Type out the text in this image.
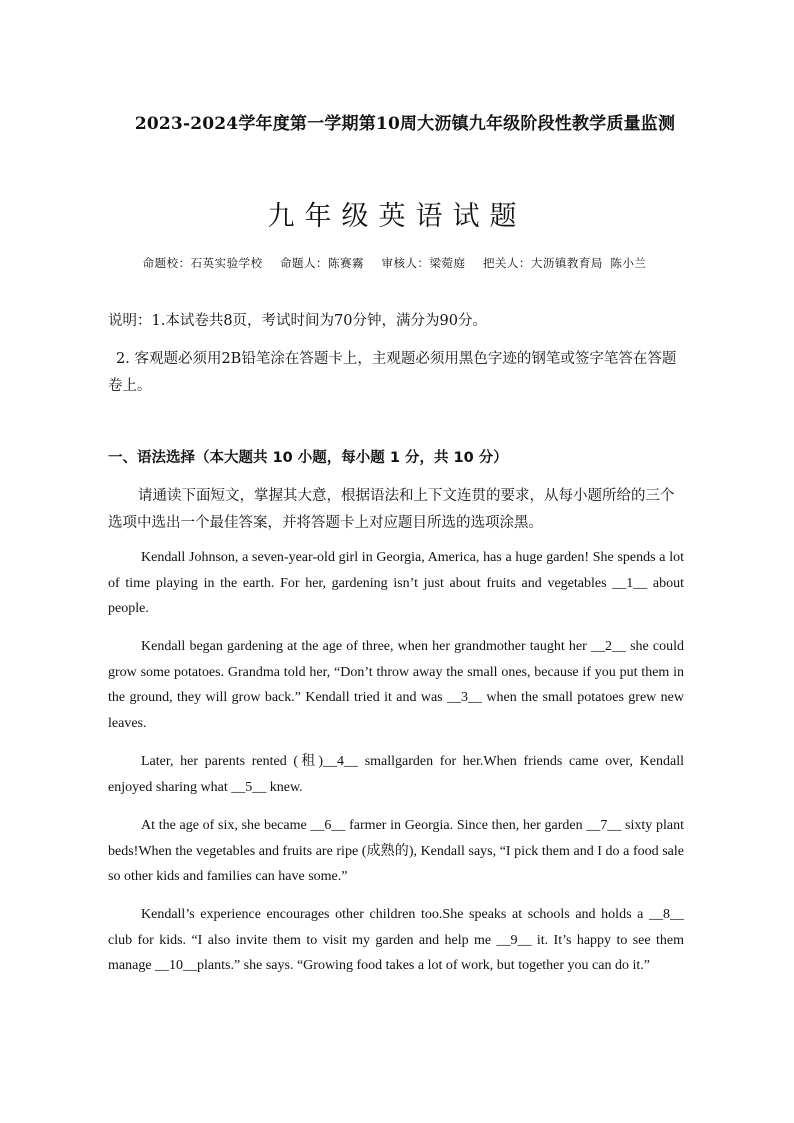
2023-2024学年度第一学期第10周大沥镇九年级阶段性教学质量监测
九年级英语试题
命题校：石英实验学校 命题人：陈赛霧 审核人：梁菀庭 把关人：大沥镇教育局 陈小兰
说明：1.本试卷共8页，考试时间为70分钟，满分为90分。
2. 客观题必须用2B铅笔涂在答题卡上，主观题必须用黑色字迹的钢笔或签字笔答在答题卷上。
一、语法选择（本大题共 10 小题，每小题 1 分，共 10 分）
请通读下面短文，掌握其大意，根据语法和上下文连贯的要求，从每小题所给的三个选项中选出一个最佳答案，并将答题卡上对应题目所选的选项涂黑。

Kendall Johnson, a seven-year-old girl in Georgia, America, has a huge garden! She spends a lot of time playing in the earth. For her, gardening isn’t just about fruits and vegetables __1__ about people.

Kendall began gardening at the age of three, when her grandmother taught her __2__ she could grow some potatoes. Grandma told her, “Don’t throw away the small ones, because if you put them in the ground, they will grow back.” Kendall tried it and was __3__ when the small potatoes grew new leaves.

Later, her parents rented (租)__4__ smallgarden for her.When friends came over, Kendall enjoyed sharing what __5__ knew.

At the age of six, she became __6__ farmer in Georgia. Since then, her garden __7__ sixty plant beds!When the vegetables and fruits are ripe (成熟的), Kendall says, “I pick them and I do a food sale so other kids and families can have some.”

Kendall’s experience encourages other children too.She speaks at schools and holds a __8__ club for kids. “I also invite them to visit my garden and help me __9__ it. It’s happy to see them manage __10__plants.” she says. “Growing food takes a lot of work, but together you can do it.”
